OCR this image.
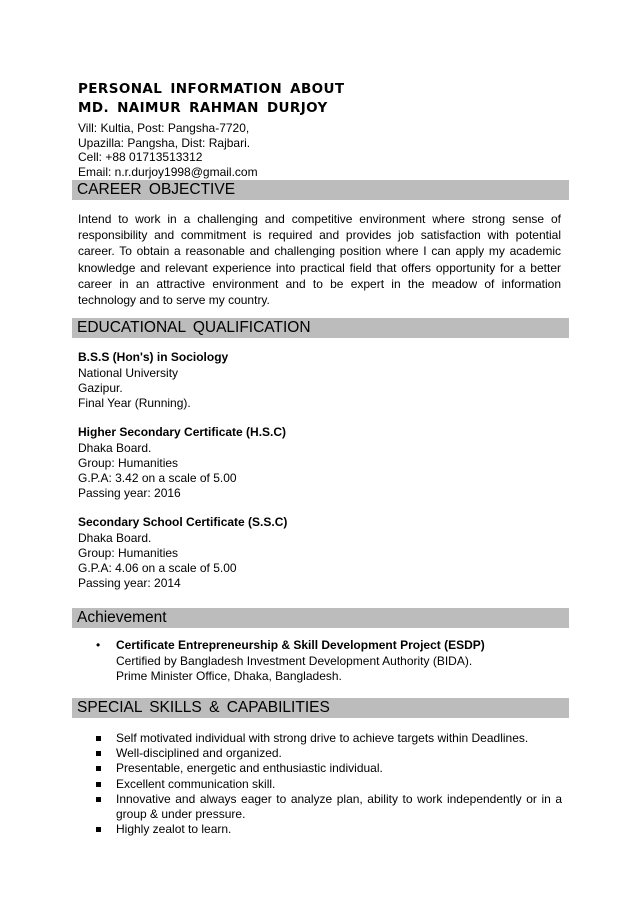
PERSONAL INFORMATION ABOUT
MD. NAIMUR RAHMAN DURJOY
Vill: Kultia, Post: Pangsha-7720,
Upazilla: Pangsha, Dist: Rajbari.
Cell: +88 01713513312
Email: n.r.durjoy1998@gmail.com
CAREER OBJECTIVE
Intend to work in a challenging and competitive environment where strong sense of responsibility and commitment is required and provides job satisfaction with potential career. To obtain a reasonable and challenging position where I can apply my academic knowledge and relevant experience into practical field that offers opportunity for a better career in an attractive environment and to be expert in the meadow of information technology and to serve my country.
EDUCATIONAL QUALIFICATION
B.S.S (Hon's) in Sociology
National University
Gazipur.
Final Year (Running).
Higher Secondary Certificate (H.S.C)
Dhaka Board.
Group: Humanities
G.P.A: 3.42 on a scale of 5.00
Passing year: 2016
Secondary School Certificate (S.S.C)
Dhaka Board.
Group: Humanities
G.P.A: 4.06 on a scale of 5.00
Passing year: 2014
Achievement
• Certificate Entrepreneurship & Skill Development Project (ESDP)
Certified by Bangladesh Investment Development Authority (BIDA).
Prime Minister Office, Dhaka, Bangladesh.
SPECIAL SKILLS & CAPABILITIES
Self motivated individual with strong drive to achieve targets within Deadlines.
Well-disciplined and organized.
Presentable, energetic and enthusiastic individual.
Excellent communication skill.
Innovative and always eager to analyze plan, ability to work independently or in a group & under pressure.
Highly zealot to learn.
